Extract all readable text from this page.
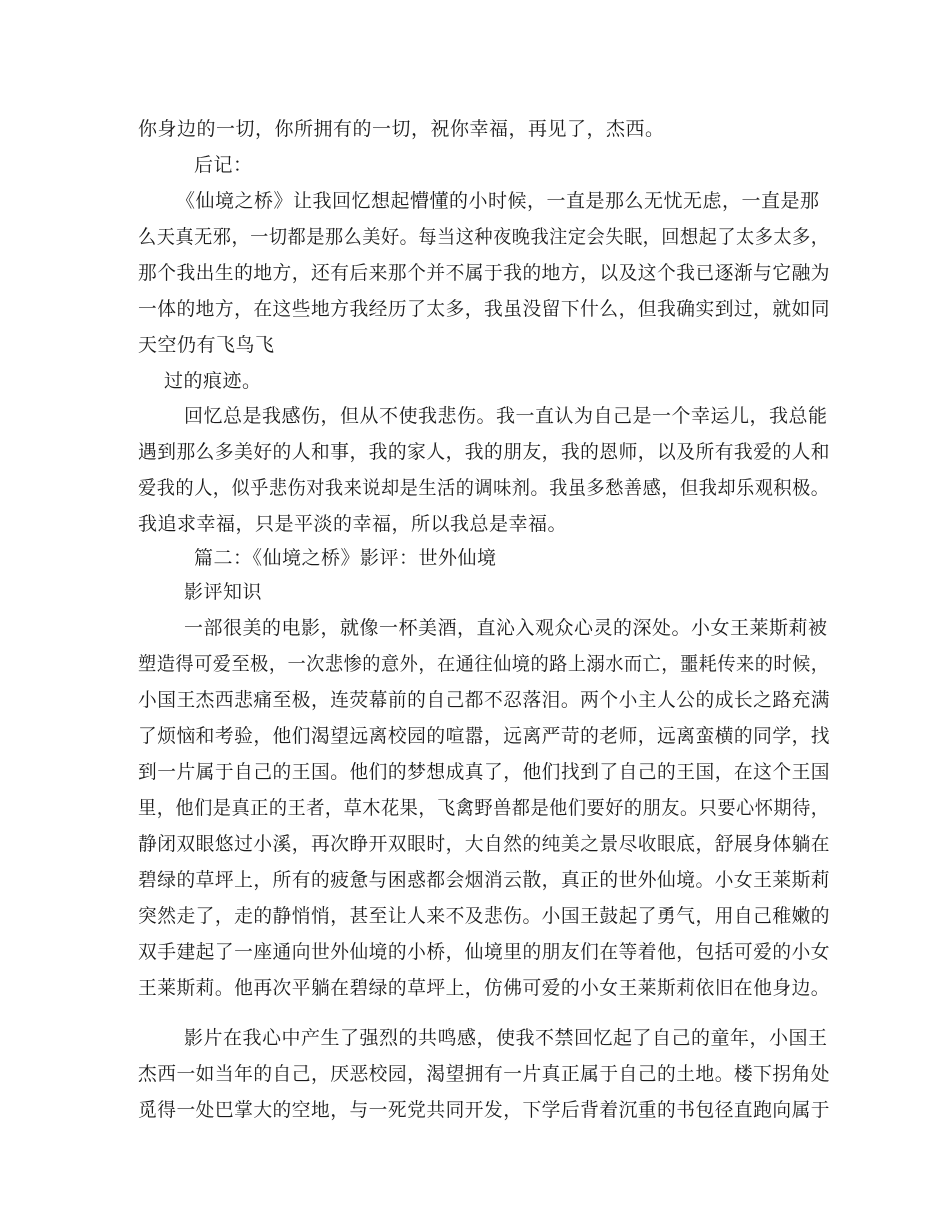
你身边的一切，你所拥有的一切，祝你幸福，再见了，杰西。
后记：
《仙境之桥》让我回忆想起懵懂的小时候，一直是那么无忧无虑，一直是那
么天真无邪，一切都是那么美好。每当这种夜晚我注定会失眠，回想起了太多太多，
那个我出生的地方，还有后来那个并不属于我的地方，以及这个我已逐渐与它融为
一体的地方，在这些地方我经历了太多，我虽没留下什么，但我确实到过，就如同
天空仍有飞鸟飞
过的痕迹。
回忆总是我感伤，但从不使我悲伤。我一直认为自己是一个幸运儿，我总能
遇到那么多美好的人和事，我的家人，我的朋友，我的恩师，以及所有我爱的人和
爱我的人，似乎悲伤对我来说却是生活的调味剂。我虽多愁善感，但我却乐观积极。
我追求幸福，只是平淡的幸福，所以我总是幸福。
篇二：《仙境之桥》影评：世外仙境
影评知识
一部很美的电影，就像一杯美酒，直沁入观众心灵的深处。小女王莱斯莉被
塑造得可爱至极，一次悲惨的意外，在通往仙境的路上溺水而亡，噩耗传来的时候，
小国王杰西悲痛至极，连荧幕前的自己都不忍落泪。两个小主人公的成长之路充满
了烦恼和考验，他们渴望远离校园的喧嚣，远离严苛的老师，远离蛮横的同学，找
到一片属于自己的王国。他们的梦想成真了，他们找到了自己的王国，在这个王国
里，他们是真正的王者，草木花果，飞禽野兽都是他们要好的朋友。只要心怀期待，
静闭双眼悠过小溪，再次睁开双眼时，大自然的纯美之景尽收眼底，舒展身体躺在
碧绿的草坪上，所有的疲惫与困惑都会烟消云散，真正的世外仙境。小女王莱斯莉
突然走了，走的静悄悄，甚至让人来不及悲伤。小国王鼓起了勇气，用自己稚嫩的
双手建起了一座通向世外仙境的小桥，仙境里的朋友们在等着他，包括可爱的小女
王莱斯莉。他再次平躺在碧绿的草坪上，仿佛可爱的小女王莱斯莉依旧在他身边。
影片在我心中产生了强烈的共鸣感，使我不禁回忆起了自己的童年，小国王
杰西一如当年的自己，厌恶校园，渴望拥有一片真正属于自己的土地。楼下拐角处
觅得一处巴掌大的空地，与一死党共同开发，下学后背着沉重的书包径直跑向属于
